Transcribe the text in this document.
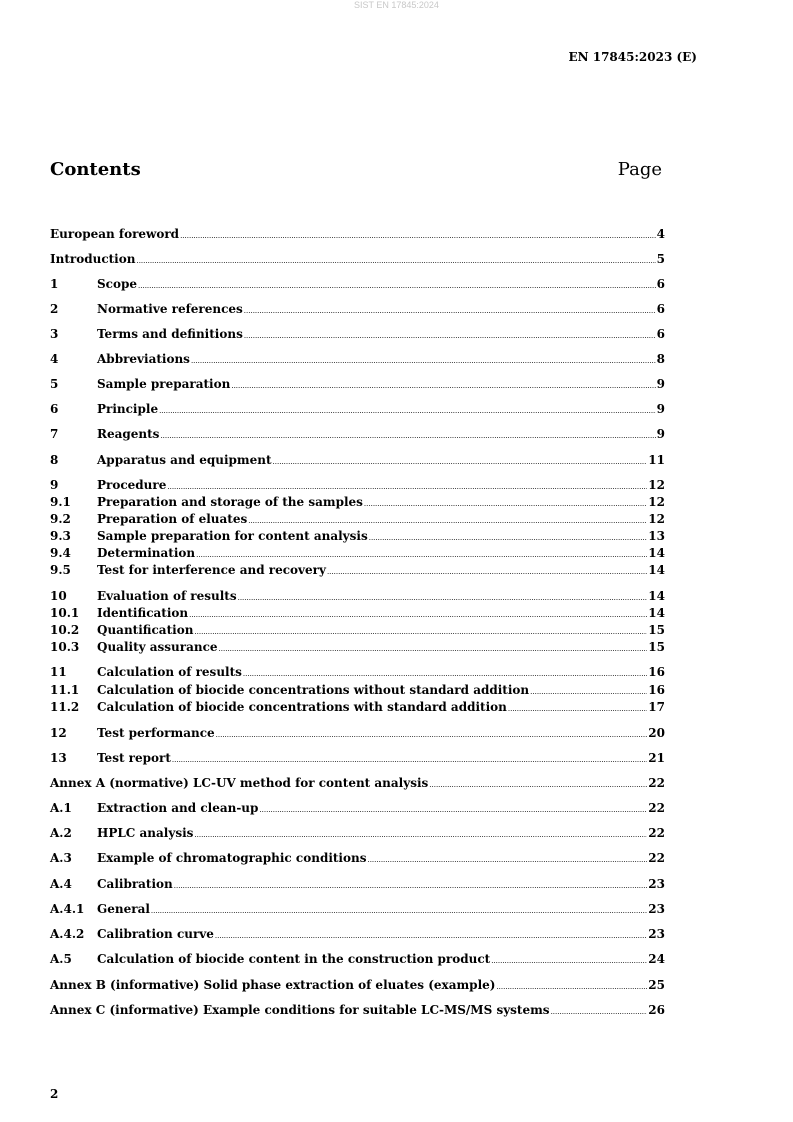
SIST EN 17845:2024
EN 17845:2023 (E)
Contents	Page
European foreword .....	4
Introduction .....	5
1	Scope .....	6
2	Normative references .....	6
3	Terms and definitions .....	6
4	Abbreviations .....	8
5	Sample preparation .....	9
6	Principle .....	9
7	Reagents .....	9
8	Apparatus and equipment .....	11
9	Procedure .....	12
9.1	Preparation and storage of the samples .....	12
9.2	Preparation of eluates .....	12
9.3	Sample preparation for content analysis .....	13
9.4	Determination .....	14
9.5	Test for interference and recovery .....	14
10	Evaluation of results .....	14
10.1	Identification .....	14
10.2	Quantification .....	15
10.3	Quality assurance .....	15
11	Calculation of results .....	16
11.1	Calculation of biocide concentrations without standard addition .....	16
11.2	Calculation of biocide concentrations with standard addition .....	17
12	Test performance .....	20
13	Test report .....	21
Annex A (normative) LC-UV method for content analysis .....	22
A.1	Extraction and clean-up .....	22
A.2	HPLC analysis .....	22
A.3	Example of chromatographic conditions .....	22
A.4	Calibration .....	23
A.4.1	General .....	23
A.4.2	Calibration curve .....	23
A.5	Calculation of biocide content in the construction product .....	24
Annex B (informative) Solid phase extraction of eluates (example) .....	25
Annex C (informative) Example conditions for suitable LC-MS/MS systems .....	26
2
